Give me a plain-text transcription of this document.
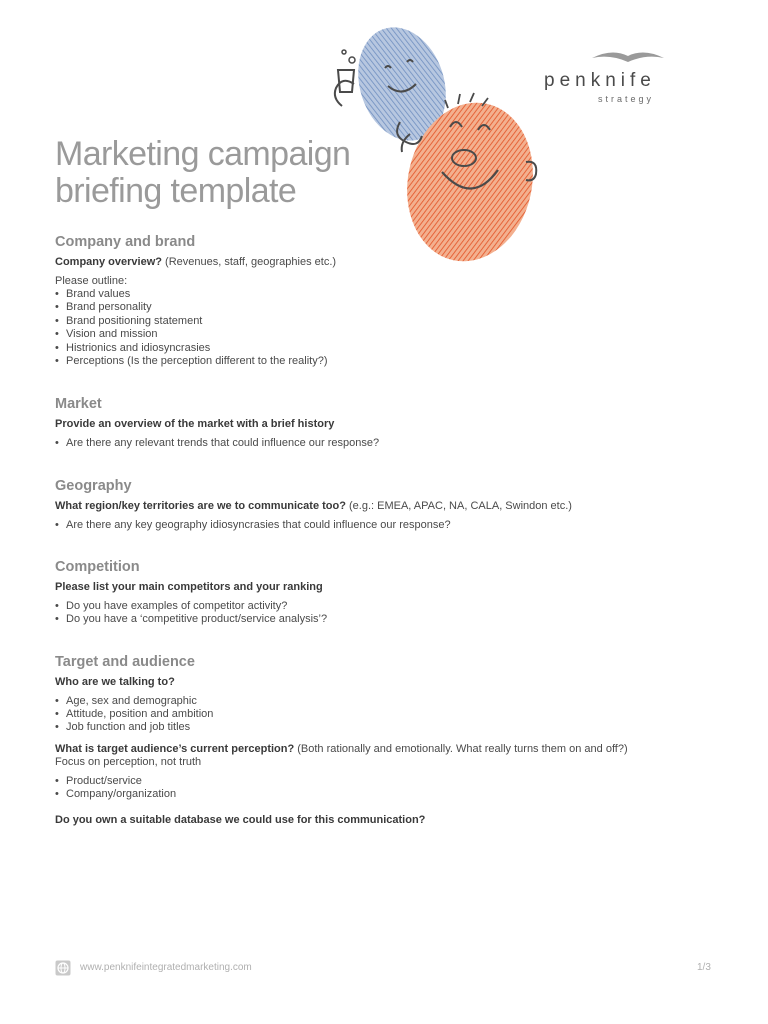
penknife
strategy
Marketing campaign
briefing template
Company and brand

Company overview? (Revenues, staff, geographies etc.)

Please outline:

• Brand values
• Brand personality
• Brand positioning statement
• Vision and mission
• Histrionics and idiosyncrasies
• Perceptions (Is the perception different to the reality?)
Market

Provide an overview of the market with a brief history

• Are there any relevant trends that could influence our response?
Geography

What region/key territories are we to communicate too? (e.g.: EMEA, APAC, NA, CALA, Swindon etc.)

• Are there any key geography idiosyncrasies that could influence our response?
Competition

Please list your main competitors and your ranking

• Do you have examples of competitor activity?
• Do you have a ‘competitive product/service analysis’?
Target and audience

Who are we talking to?

• Age, sex and demographic
• Attitude, position and ambition
• Job function and job titles

What is target audience’s current perception? (Both rationally and emotionally. What really turns them on and off?)

Focus on perception, not truth

• Product/service
• Company/organization

Do you own a suitable database we could use for this communication?

www.penknifeintegratedmarketing.com	1/3
